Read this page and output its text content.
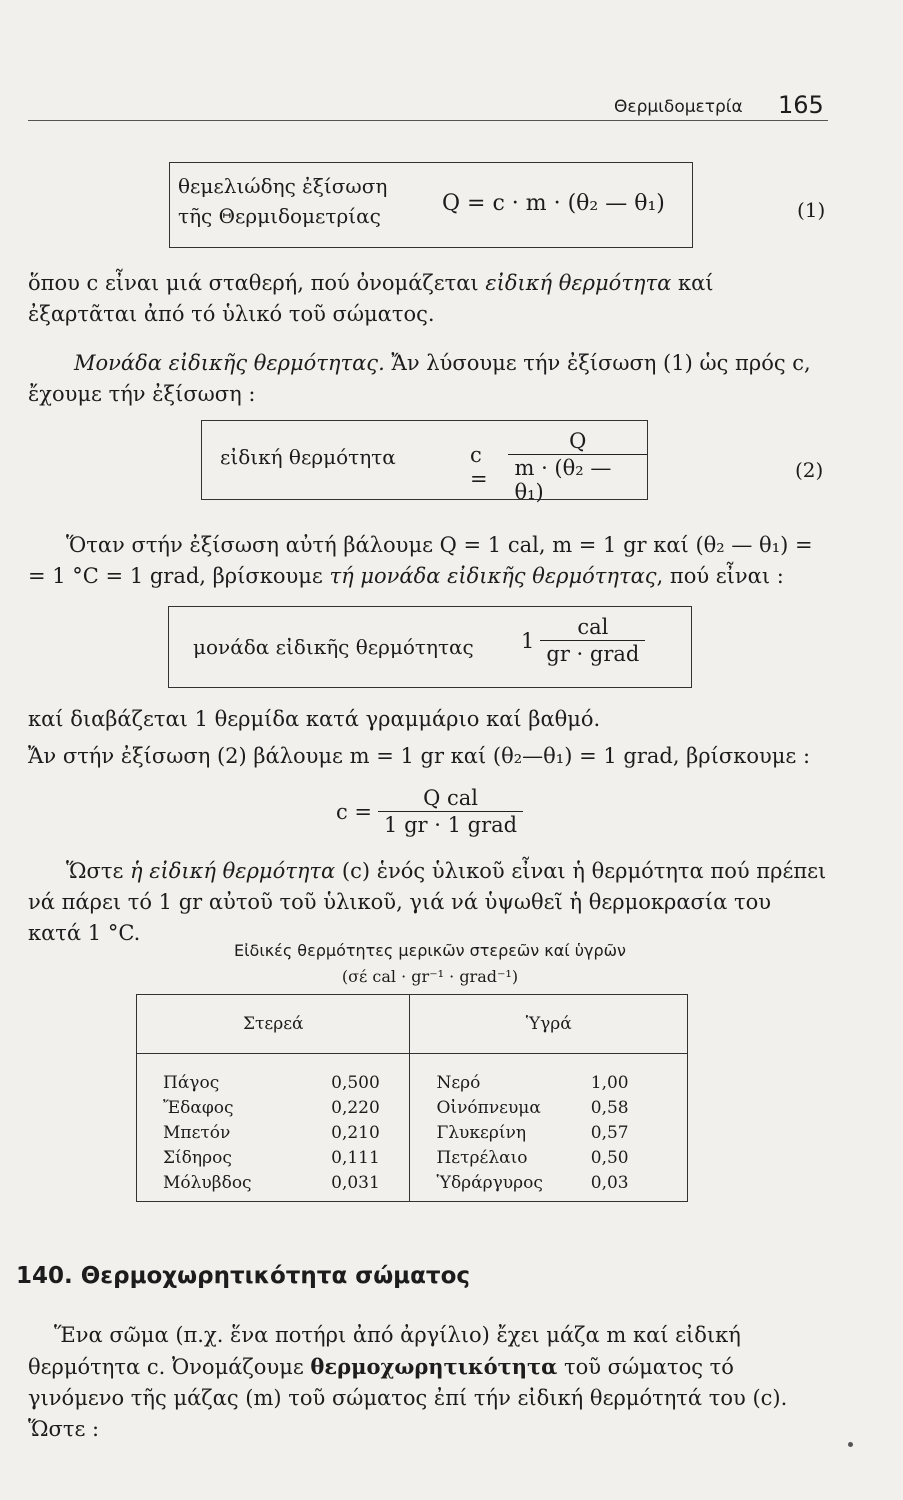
Θερμιδομετρία 165
θεμελιώδης ἐξίσωση
τῆς Θερμιδομετρίας	Q = c · m · (θ₂ — θ₁)	(1)
ὅπου c εἶναι μιά σταθερή, πού ὀνομάζεται εἰδική θερμότητα καί ἐξαρτᾶται ἀπό τό ὑλικό τοῦ σώματος.
Μονάδα εἰδικῆς θερμότητας. Ἄν λύσουμε τήν ἐξίσωση (1) ὡς πρός c, ἔχουμε τήν ἐξίσωση :
εἰδική θερμότητα	$c = \frac{Q}{\text{m · (θ₂ — θ₁)}}$	(2)
Ὅταν στήν ἐξίσωση αὐτή βάλουμε Q = 1 cal, m = 1 gr καί (θ₂ — θ₁) =
= 1 °C = 1 grad, βρίσκουμε τή μονάδα εἰδικῆς θερμότητας, πού εἶναι :
μονάδα εἰδικῆς θερμότητας $1 \frac{\text{cal}}{\text{gr · grad}}$
καί διαβάζεται 1 θερμίδα κατά γραμμάριο καί βαθμό.
Ἄν στήν ἐξίσωση (2) βάλουμε m = 1 gr καί (θ₂—θ₁) = 1 grad, βρίσκουμε :
$c = \frac{\text{Q cal}}{\text{1 gr · 1 grad}}$
Ὥστε ἡ εἰδική θερμότητα (c) ἑνός ὑλικοῦ εἶναι ἡ θερμότητα πού πρέπει νά πάρει τό 1 gr αὐτοῦ τοῦ ὑλικοῦ, γιά νά ὑψωθεῖ ἡ θερμοκρασία του κατά 1 °C.
Εἰδικές θερμότητες μερικῶν στερεῶν καί ὑγρῶν
(σέ cal · gr⁻¹ · grad⁻¹)
Στερεά		Ὑγρά	
Πάγος	0,500	Νερό	1,00
Ἔδαφος	0,220	Οἰνόπνευμα	0,58
Μπετόν	0,210	Γλυκερίνη	0,57
Σίδηρος	0,111	Πετρέλαιο	0,50
Μόλυβδος	0,031	Ὑδράργυρος	0,03
140. Θερμοχωρητικότητα σώματος
Ἕνα σῶμα (π.χ. ἕνα ποτήρι ἀπό ἀργίλιο) ἔχει μάζα m καί εἰδική θερμότητα c. Ὀνομάζουμε θερμοχωρητικότητα τοῦ σώματος τό γινόμενο τῆς μάζας (m) τοῦ σώματος ἐπί τήν εἰδική θερμότητά του (c). Ὥστε :
